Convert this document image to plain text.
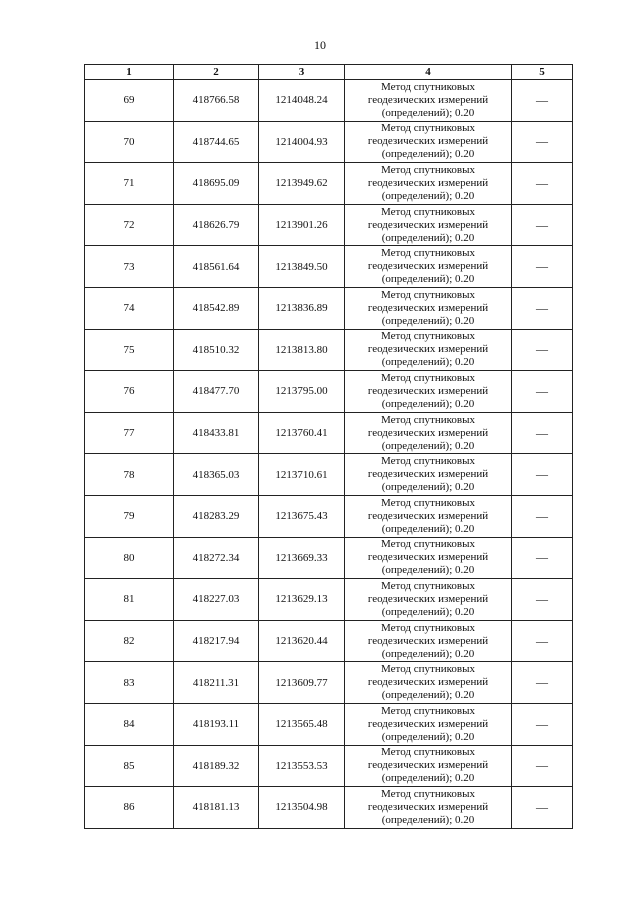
10
1	2	3	4	5
69	418766.58	1214048.24	Метод спутниковых
геодезических измерений
(определений); 0.20	—
70	418744.65	1214004.93	Метод спутниковых
геодезических измерений
(определений); 0.20	—
71	418695.09	1213949.62	Метод спутниковых
геодезических измерений
(определений); 0.20	—
72	418626.79	1213901.26	Метод спутниковых
геодезических измерений
(определений); 0.20	—
73	418561.64	1213849.50	Метод спутниковых
геодезических измерений
(определений); 0.20	—
74	418542.89	1213836.89	Метод спутниковых
геодезических измерений
(определений); 0.20	—
75	418510.32	1213813.80	Метод спутниковых
геодезических измерений
(определений); 0.20	—
76	418477.70	1213795.00	Метод спутниковых
геодезических измерений
(определений); 0.20	—
77	418433.81	1213760.41	Метод спутниковых
геодезических измерений
(определений); 0.20	—
78	418365.03	1213710.61	Метод спутниковых
геодезических измерений
(определений); 0.20	—
79	418283.29	1213675.43	Метод спутниковых
геодезических измерений
(определений); 0.20	—
80	418272.34	1213669.33	Метод спутниковых
геодезических измерений
(определений); 0.20	—
81	418227.03	1213629.13	Метод спутниковых
геодезических измерений
(определений); 0.20	—
82	418217.94	1213620.44	Метод спутниковых
геодезических измерений
(определений); 0.20	—
83	418211.31	1213609.77	Метод спутниковых
геодезических измерений
(определений); 0.20	—
84	418193.11	1213565.48	Метод спутниковых
геодезических измерений
(определений); 0.20	—
85	418189.32	1213553.53	Метод спутниковых
геодезических измерений
(определений); 0.20	—
86	418181.13	1213504.98	Метод спутниковых
геодезических измерений
(определений); 0.20	—
